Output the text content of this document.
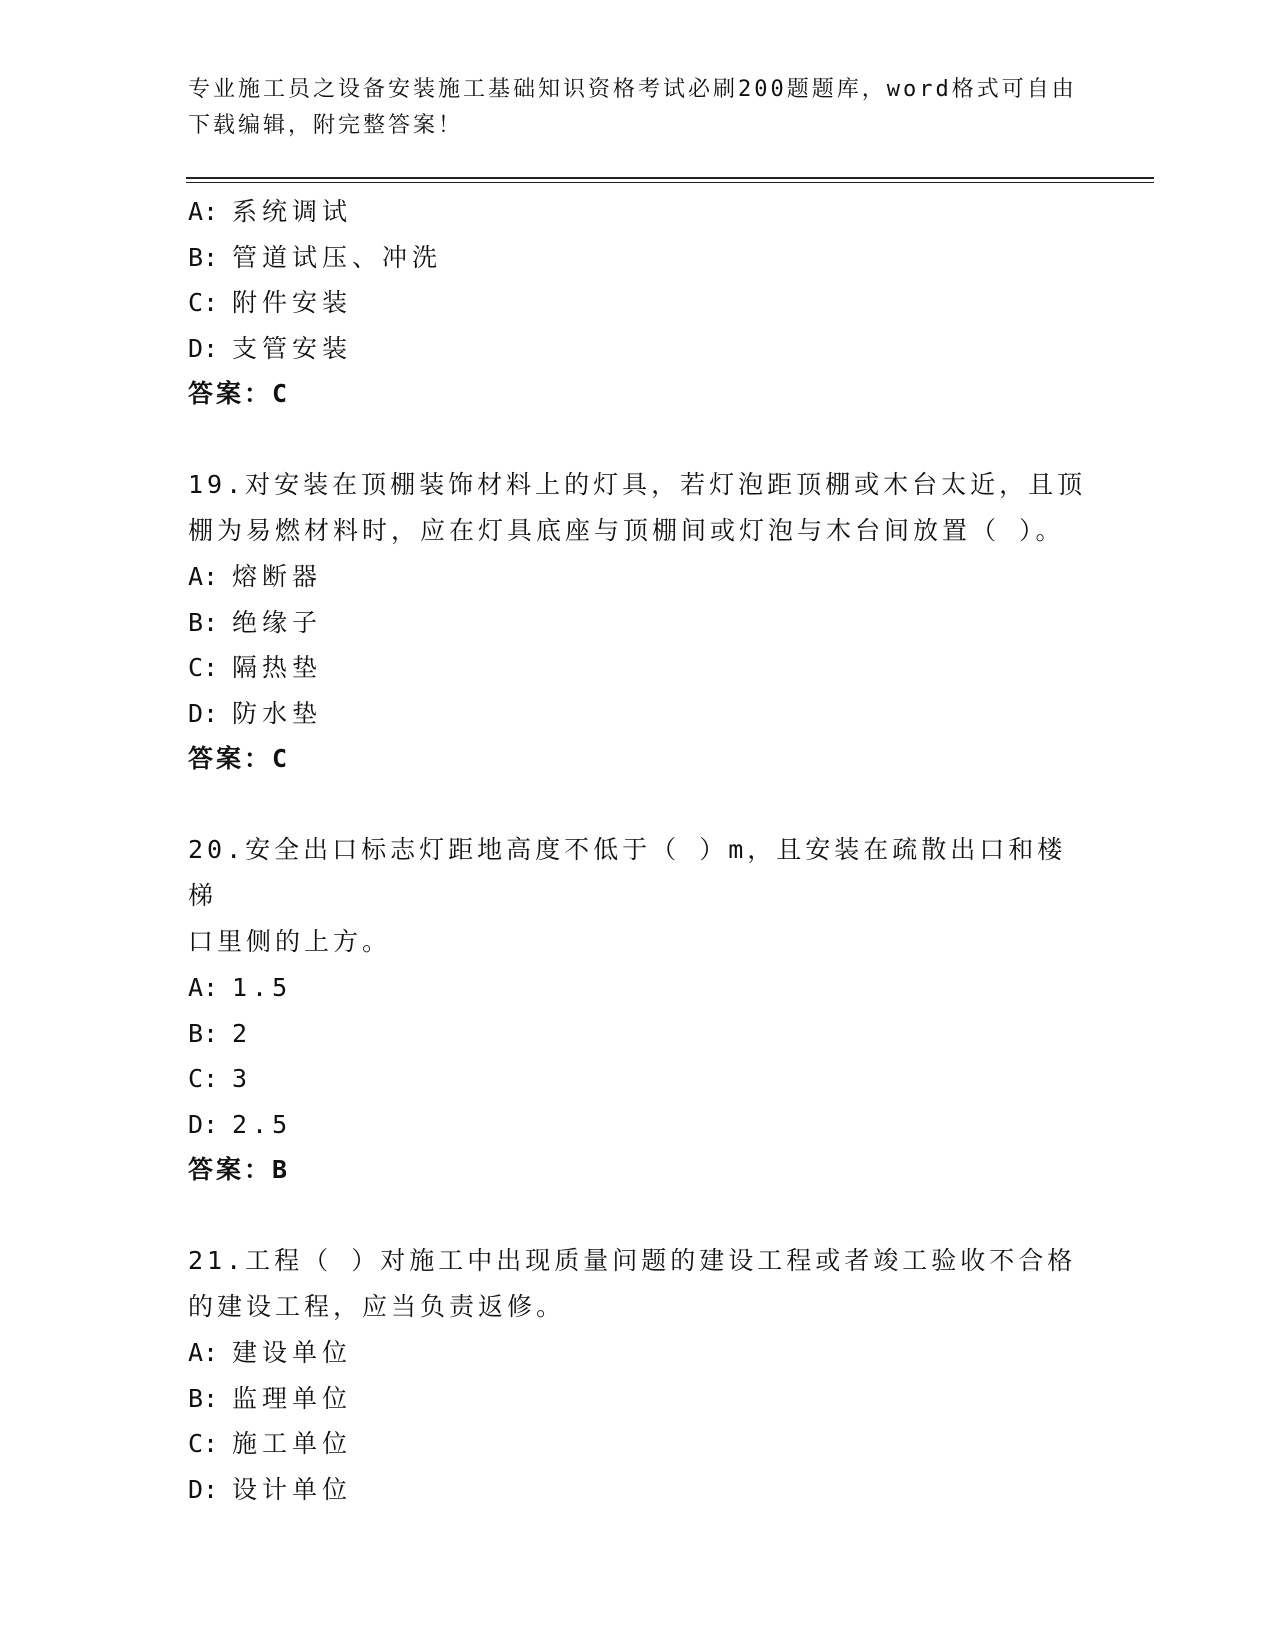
专业施工员之设备安装施工基础知识资格考试必刷200题题库，word格式可自由
下载编辑，附完整答案！
A: 系统调试
B: 管道试压、冲洗
C: 附件安装
D: 支管安装
答案：C
19.对安装在顶棚装饰材料上的灯具，若灯泡距顶棚或木台太近，且顶
棚为易燃材料时，应在灯具底座与顶棚间或灯泡与木台间放置（ ）。
A: 熔断器
B: 绝缘子
C: 隔热垫
D: 防水垫
答案：C
20.安全出口标志灯距地高度不低于（ ）m，且安装在疏散出口和楼梯
口里侧的上方。
A: 1.5
B: 2
C: 3
D: 2.5
答案：B
21.工程（ ）对施工中出现质量问题的建设工程或者竣工验收不合格
的建设工程，应当负责返修。
A: 建设单位
B: 监理单位
C: 施工单位
D: 设计单位
